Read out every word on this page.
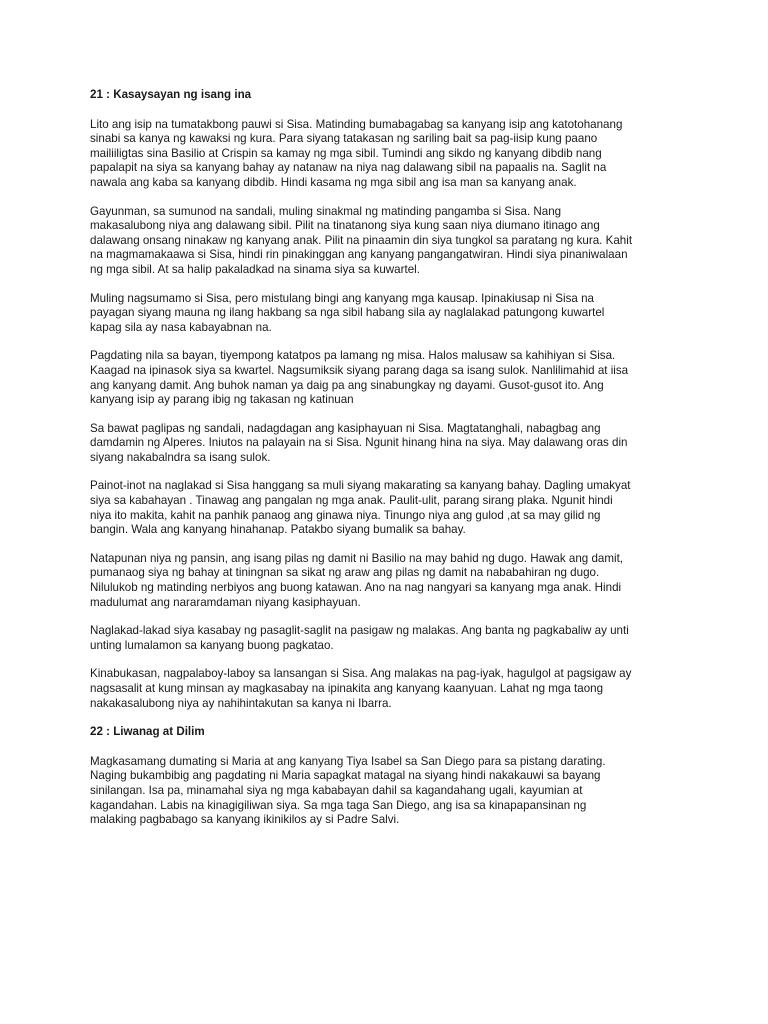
21 : Kasaysayan ng isang ina
Lito ang isip na tumatakbong pauwi si Sisa. Matinding bumabagabag sa kanyang isip ang katotohanang
sinabi sa kanya ng kawaksi ng kura. Para siyang tatakasan ng sariling bait sa pag-iisip kung paano
mailiiligtas sina Basilio at Crispin sa kamay ng mga sibil. Tumindi ang sikdo ng kanyang dibdib nang
papalapit na siya sa kanyang bahay ay natanaw na niya nag dalawang sibil na papaalis na. Saglit na
nawala ang kaba sa kanyang dibdib. Hindi kasama ng mga sibil ang isa man sa kanyang anak.
Gayunman, sa sumunod na sandali, muling sinakmal ng matinding pangamba si Sisa. Nang
makasalubong niya ang dalawang sibil. Pilit na tinatanong siya kung saan niya diumano itinago ang
dalawang onsang ninakaw ng kanyang anak. Pilit na pinaamin din siya tungkol sa paratang ng kura. Kahit
na magmamakaawa si Sisa, hindi rin pinakinggan ang kanyang pangangatwiran. Hindi siya pinaniwalaan
ng mga sibil. At sa halip pakaladkad na sinama siya sa kuwartel.
Muling nagsumamo si Sisa, pero mistulang bingi ang kanyang mga kausap. Ipinakiusap ni Sisa na
payagan siyang mauna ng ilang hakbang sa nga sibil habang sila ay naglalakad patungong kuwartel
kapag sila ay nasa kabayabnan na.
Pagdating nila sa bayan, tiyempong katatpos pa lamang ng misa. Halos malusaw sa kahihiyan si Sisa.
Kaagad na ipinasok siya sa kwartel. Nagsumiksik siyang parang daga sa isang sulok. Nanlilimahid at iisa
ang kanyang damit. Ang buhok naman ya daig pa ang sinabungkay ng dayami. Gusot-gusot ito. Ang
kanyang isip ay parang ibig ng takasan ng katinuan
Sa bawat paglipas ng sandali, nadagdagan ang kasiphayuan ni Sisa. Magtatanghali, nabagbag ang
damdamin ng Alperes. Iniutos na palayain na si Sisa. Ngunit hinang hina na siya. May dalawang oras din
siyang nakabalndra sa isang sulok.
Painot-inot na naglakad si Sisa hanggang sa muli siyang makarating sa kanyang bahay. Dagling umakyat
siya sa kabahayan . Tinawag ang pangalan ng mga anak. Paulit-ulit, parang sirang plaka. Ngunit hindi
niya ito makita, kahit na panhik panaog ang ginawa niya. Tinungo niya ang gulod ,at sa may gilid ng
bangin. Wala ang kanyang hinahanap. Patakbo siyang bumalik sa bahay.
Natapunan niya ng pansin, ang isang pilas ng damit ni Basilio na may bahid ng dugo. Hawak ang damit,
pumanaog siya ng bahay at tiningnan sa sikat ng araw ang pilas ng damit na nababahiran ng dugo.
Nilulukob ng matinding nerbiyos ang buong katawan. Ano na nag nangyari sa kanyang mga anak. Hindi
madulumat ang nararamdaman niyang kasiphayuan.
Naglakad-lakad siya kasabay ng pasaglit-saglit na pasigaw ng malakas. Ang banta ng pagkabaliw ay unti
unting lumalamon sa kanyang buong pagkatao.
Kinabukasan, nagpalaboy-laboy sa lansangan si Sisa. Ang malakas na pag-iyak, hagulgol at pagsigaw ay
nagsasalit at kung minsan ay magkasabay na ipinakita ang kanyang kaanyuan. Lahat ng mga taong
nakakasalubong niya ay nahihintakutan sa kanya ni Ibarra.
22 : Liwanag at Dilim
Magkasamang dumating si Maria at ang kanyang Tiya Isabel sa San Diego para sa pistang darating.
Naging bukambibig ang pagdating ni Maria sapagkat matagal na siyang hindi nakakauwi sa bayang
sinilangan. Isa pa, minamahal siya ng mga kababayan dahil sa kagandahang ugali, kayumian at
kagandahan. Labis na kinagigiliwan siya. Sa mga taga San Diego, ang isa sa kinapapansinan ng
malaking pagbabago sa kanyang ikinikilos ay si Padre Salvi.
